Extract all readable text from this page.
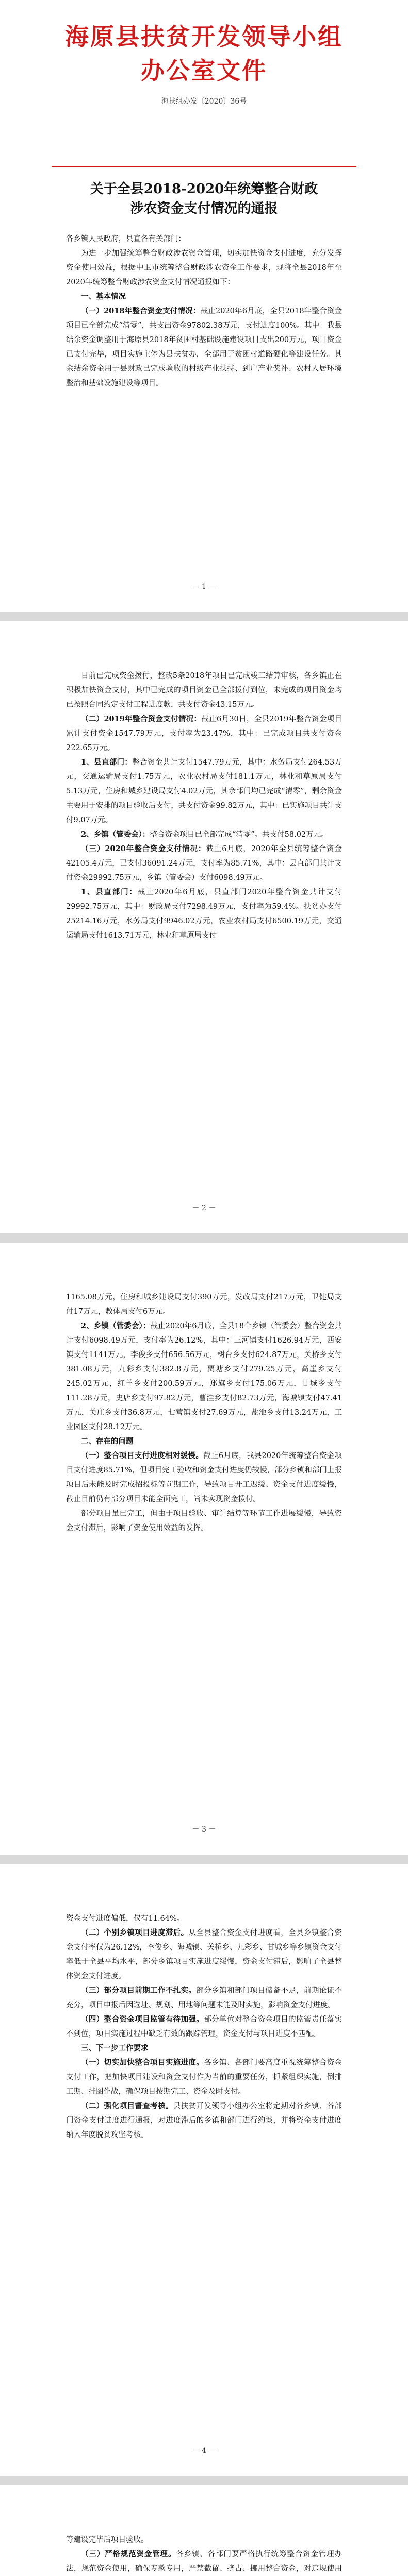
海原县扶贫开发领导小组
办公室文件
海扶组办发〔2020〕36号
关于全县2018-2020年统筹整合财政
涉农资金支付情况的通报

各乡镇人民政府，县直各有关部门：

为进一步加强统筹整合财政涉农资金管理，切实加快资金支付进度，充分发挥资金使用效益，根据中卫市统筹整合财政涉农资金工作要求，现将全县2018年至2020年统筹整合财政涉农资金支付情况通报如下：

一、基本情况

（一）2018年整合资金支付情况：截止2020年6月底，全县2018年整合资金项目已全部完成“清零”，共支出资金97802.38万元，支付进度100%。其中：我县结余资金调整用于海原县2018年贫困村基础设施建设项目支出200万元，项目资金已支付完毕，项目实施主体为县扶贫办，全部用于贫困村道路硬化等建设任务。其余结余资金用于县财政已完成验收的村级产业扶持、到户产业奖补、农村人居环境整治和基础设施建设等项目。

－ 1 －

目前已完成资金拨付，整改5条2018年项目已完成竣工结算审核，各乡镇正在积极加快资金支付，其中已完成的项目资金已全部拨付到位，未完成的项目资金均已按照合同约定支付工程进度款，共支付资金43.15万元。

（二）2019年整合资金支付情况：截止6月30日，全县2019年整合资金项目累计支付资金1547.79万元，支付率为23.47%，其中：已完成项目共支付资金222.65万元。

1、县直部门：整合资金共计支付1547.79万元，其中：水务局支付264.53万元，交通运输局支付1.75万元，农业农村局支付181.1万元，林业和草原局支付5.13万元，住房和城乡建设局支付4.02万元，其余部门均已完成“清零”，剩余资金主要用于安排的项目验收后支付，共支付资金99.82万元，其中：已实施项目共计支付9.07万元。

2、乡镇（管委会）：整合资金项目已全部完成“清零”。共支付58.02万元。

（三）2020年整合资金支付情况：截止6月底，2020年全县统筹整合资金42105.4万元，已支付36091.24万元，支付率为85.71%，其中：县直部门共计支付资金29992.75万元，乡镇（管委会）支付6098.49万元。

1、县直部门：截止2020年6月底，县直部门2020年整合资金共计支付29992.75万元，其中：财政局支付7298.49万元，支付率为59.4%。扶贫办支付25214.16万元，水务局支付9946.02万元，农业农村局支付6500.19万元，交通运输局支付1613.71万元，林业和草原局支付

－ 2 －

1165.08万元，住房和城乡建设局支付390万元，发改局支付217万元，卫健局支付17万元，教体局支付6万元。

2、乡镇（管委会）：截止2020年6月底，全县18个乡镇（管委会）整合资金共计支付6098.49万元，支付率为26.12%，其中：三河镇支付1626.94万元，西安镇支付1141万元，李俊乡支付656.56万元，树台乡支付624.87万元，关桥乡支付381.08万元，九彩乡支付382.8万元，贾塘乡支付279.25万元，高崖乡支付245.02万元，红羊乡支付200.59万元，郑旗乡支付175.06万元，甘城乡支付111.28万元，史店乡支付97.82万元，曹洼乡支付82.73万元，海城镇支付47.41万元，关庄乡支付36.8万元，七营镇支付27.69万元，盐池乡支付13.24万元，工业园区支付28.12万元。

二、存在的问题

（一）整合项目支付进度相对缓慢。截止6月底，我县2020年统筹整合资金项目支付进度85.71%，但项目完工验收和资金支付进度仍较慢，部分乡镇和部门上报项目后未能及时完成招投标等前期工作，导致项目开工迟缓、资金支付进度缓慢，截止目前仍有部分项目未能全面完工，尚未实现资金拨付。

部分项目虽已完工，但由于项目验收、审计结算等环节工作进展缓慢，导致资金支付滞后，影响了资金使用效益的发挥。

－ 3 －

资金支付进度偏低，仅有11.64%。

（二）个别乡镇项目进度滞后。从全县整合资金支付进度看，全县乡镇整合资金支付率仅为26.12%，李俊乡、海城镇、关桥乡、九彩乡、甘城乡等乡镇资金支付率低于全县平均水平，部分乡镇项目实施进度缓慢，资金支付滞后，影响了全县整体资金支付进度。

（三）部分项目前期工作不扎实。部分乡镇和部门项目储备不足，前期论证不充分，项目申报后因选址、规划、用地等问题未能及时实施，影响资金支付进度。

（四）整合资金项目监管有待加强。部分单位对整合资金项目的监管责任落实不到位，项目实施过程中缺乏有效的跟踪管理，资金支付与项目进度不匹配。

三、下一步工作要求

（一）切实加快整合项目实施进度。各乡镇、各部门要高度重视统筹整合资金支付工作，把加快项目建设和资金支付作为当前的重要任务，抓紧组织实施，倒排工期、挂图作战，确保项目按期完工、资金及时支付。

（二）强化项目督查考核。县扶贫开发领导小组办公室将定期对各乡镇、各部门资金支付进度进行通报，对进度滞后的乡镇和部门进行约谈，并将资金支付进度纳入年度脱贫攻坚考核。

－ 4 －

等建设完毕后项目验收。

（三）严格规范资金管理。各乡镇、各部门要严格执行统筹整合资金管理办法，规范资金使用，确保专款专用，严禁截留、挤占、挪用整合资金，对违规使用
